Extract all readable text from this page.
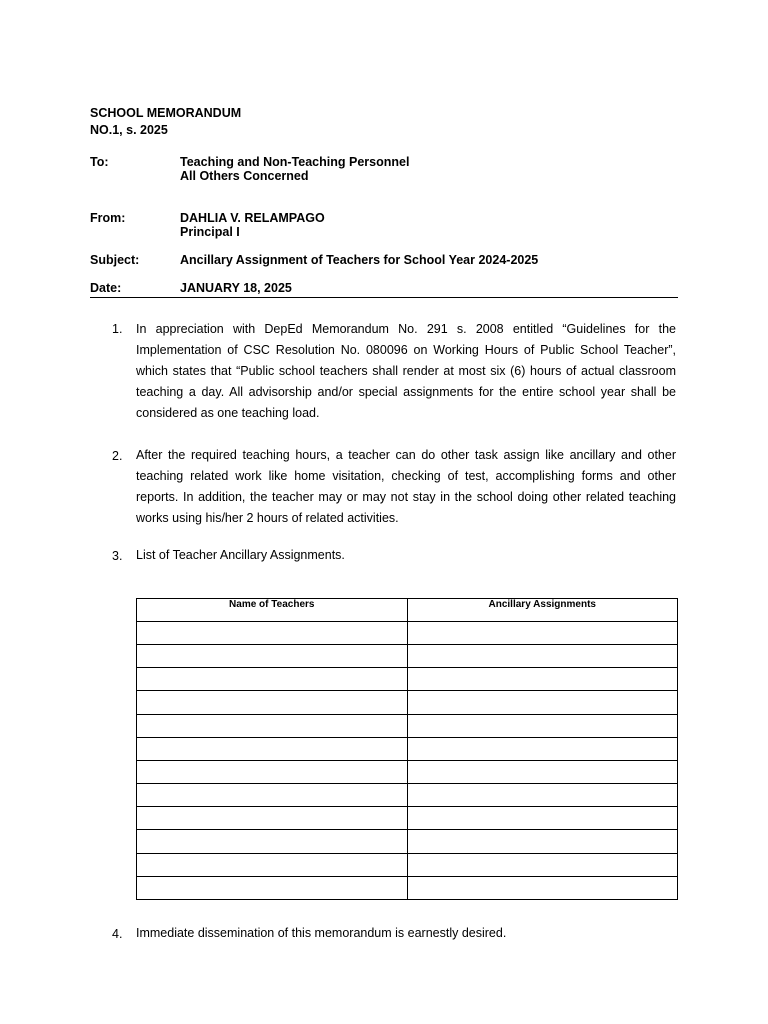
SCHOOL MEMORANDUM
NO.1, s. 2025
To:	Teaching and Non-Teaching Personnel
All Others Concerned
From:	DAHLIA V. RELAMPAGO
Principal I
Subject:	Ancillary Assignment of Teachers for School Year 2024-2025
Date:	JANUARY 18, 2025
1. In appreciation with DepEd Memorandum No. 291 s. 2008 entitled “Guidelines for the Implementation of CSC Resolution No. 080096 on Working Hours of Public School Teacher”, which states that “Public school teachers shall render at most six (6) hours of actual classroom teaching a day. All advisorship and/or special assignments for the entire school year shall be considered as one teaching load.

2. After the required teaching hours, a teacher can do other task assign like ancillary and other teaching related work like home visitation, checking of test, accomplishing forms and other reports. In addition, the teacher may or may not stay in the school doing other related teaching works using his/her 2 hours of related activities.

3. List of Teacher Ancillary Assignments.

Name of Teachers	Ancillary Assignments

4. Immediate dissemination of this memorandum is earnestly desired.
